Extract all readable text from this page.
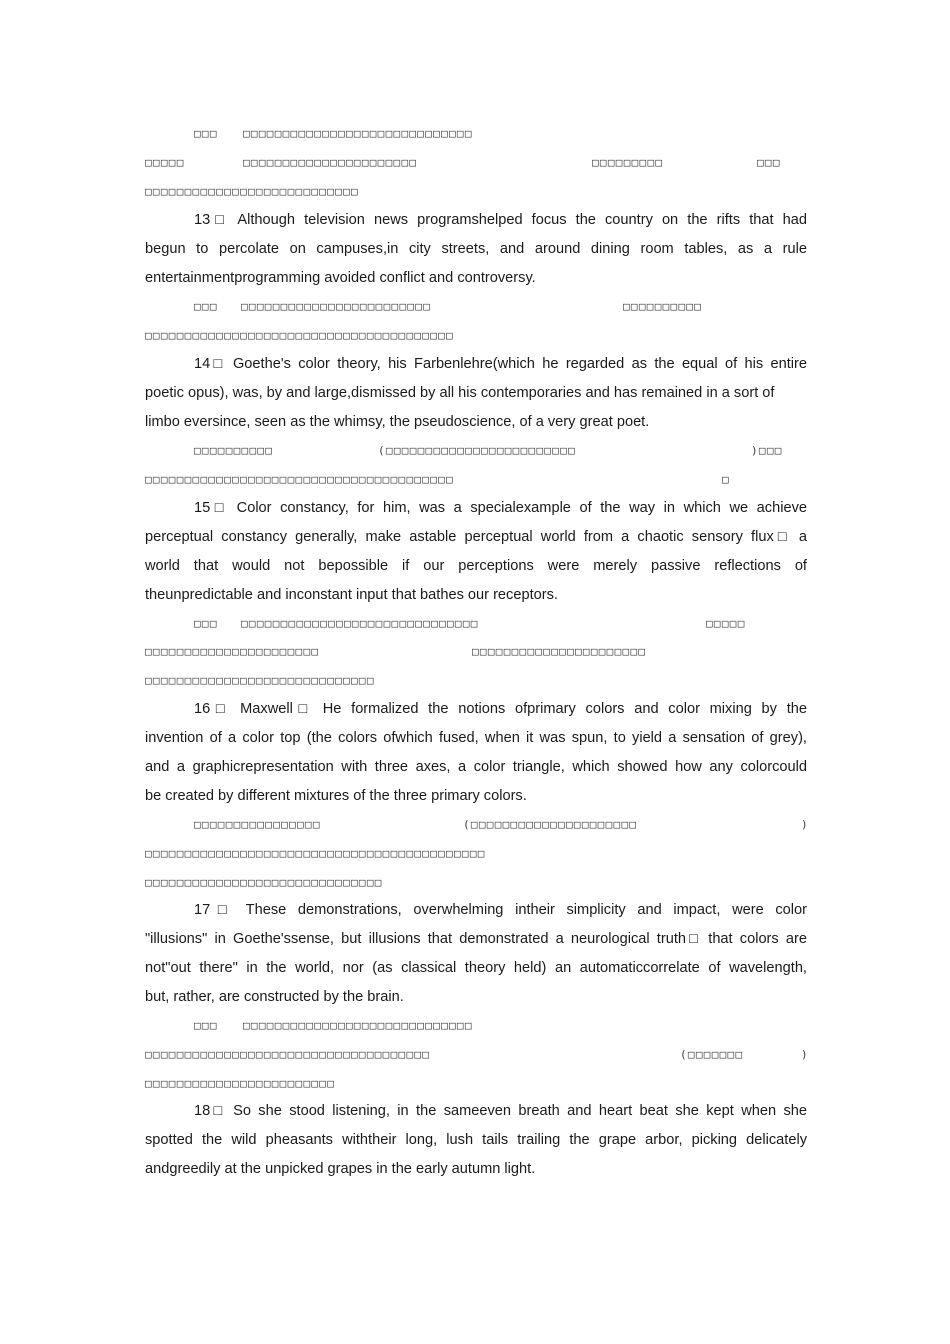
□□□ □□□□□□□□□□□□□□□□□□□□□□□□□□□□□
□□□□□	□□□□□□□□□□□□□□□□□□□□□□	□□□□□□□□□	□□□
□□□□□□□□□□□□□□□□□□□□□□□□□□□
13□ Although television news programshelped focus the country on the rifts that had
begun to percolate on campuses,in city streets, and around dining room tables, as a rule
entertainmentprogramming avoided conflict and controversy.
□□□ □□□□□□□□□□□□□□□□□□□□□□□□	□□□□□□□□□□
□□□□□□□□□□□□□□□□□□□□□□□□□□□□□□□□□□□□□□□
14□ Goethe's color theory, his Farbenlehre(which he regarded as the equal of his entire
poetic opus), was, by and large,dismissed by all his contemporaries and has remained in a sort of
limbo eversince, seen as the whimsy, the pseudoscience, of a very great poet.
□□□□□□□□□□	(□□□□□□□□□□□□□□□□□□□□□□□□	)□□□
□□□□□□□□□□□□□□□□□□□□□□□□□□□□□□□□□□□□□□□	□
15□ Color constancy, for him, was a specialexample of the way in which we achieve
perceptual constancy generally, make astable perceptual world from a chaotic sensory flux□ a
world that would not bepossible if our perceptions were merely passive reflections of
theunpredictable and inconstant input that bathes our receptors.
□□□ □□□□□□□□□□□□□□□□□□□□□□□□□□□□□□	□□□□□
□□□□□□□□□□□□□□□□□□□□□□	□□□□□□□□□□□□□□□□□□□□□□
□□□□□□□□□□□□□□□□□□□□□□□□□□□□□
16□ Maxwell□ He formalized the notions ofprimary colors and color mixing by the
invention of a color top (the colors ofwhich fused, when it was spun, to yield a sensation of grey),
and a graphicrepresentation with three axes, a color triangle, which showed how any colorcould
be created by different mixtures of the three primary colors.
□□□□□□□□□□□□□□□□	(□□□□□□□□□□□□□□□□□□□□□	)
□□□□□□□□□□□□□□□□□□□□□□□□□□□□□□□□□□□□□□□□□□□
□□□□□□□□□□□□□□□□□□□□□□□□□□□□□□
17□ These demonstrations, overwhelming intheir simplicity and impact, were color
"illusions" in Goethe'ssense, but illusions that demonstrated a neurological truth□ that colors are
not"out there" in the world, nor (as classical theory held) an automaticcorrelate of wavelength,
but, rather, are constructed by the brain.
□□□ □□□□□□□□□□□□□□□□□□□□□□□□□□□□□
□□□□□□□□□□□□□□□□□□□□□□□□□□□□□□□□□□□□	(□□□□□□□	)
□□□□□□□□□□□□□□□□□□□□□□□□
18□ So she stood listening, in the sameeven breath and heart beat she kept when she
spotted the wild pheasants withtheir long, lush tails trailing the grape arbor, picking delicately
andgreedily at the unpicked grapes in the early autumn light.
